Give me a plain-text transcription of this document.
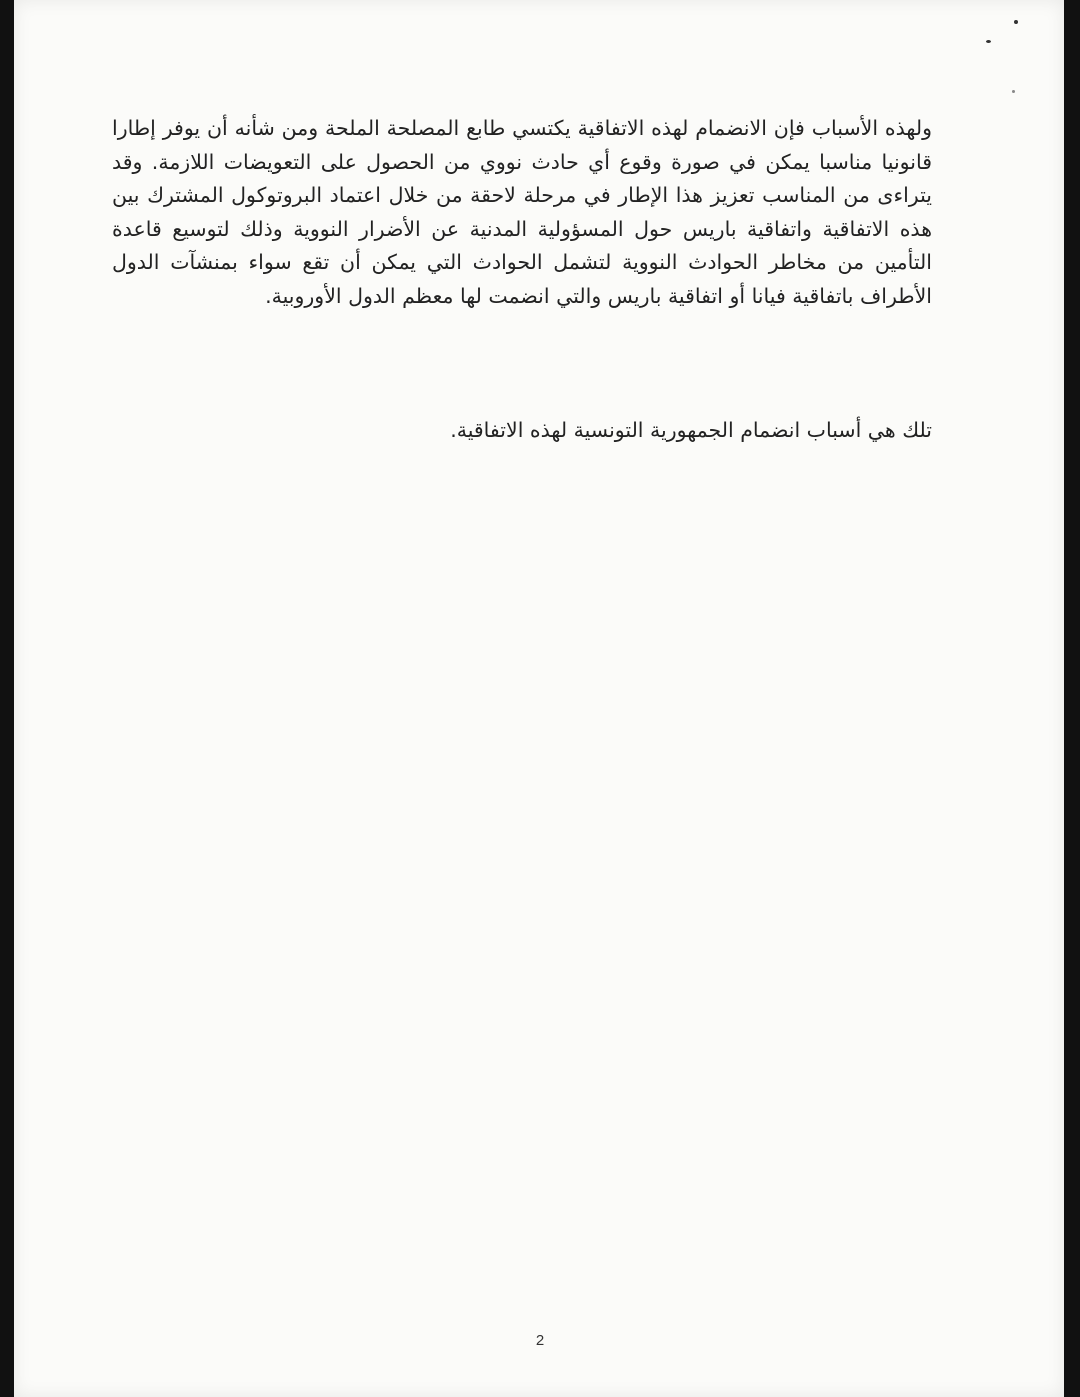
ولهذه الأسباب فإن الانضمام لهذه الاتفاقية يكتسي طابع المصلحة الملحة ومن شأنه أن يوفر إطارا قانونيا مناسبا يمكن في صورة وقوع أي حادث نووي من الحصول على التعويضات اللازمة. وقد يتراءى من المناسب تعزيز هذا الإطار في مرحلة لاحقة من خلال اعتماد البروتوكول المشترك بين هذه الاتفاقية واتفاقية باريس حول المسؤولية المدنية عن الأضرار النووية وذلك لتوسيع قاعدة التأمين من مخاطر الحوادث النووية لتشمل الحوادث التي يمكن أن تقع سواء بمنشآت الدول الأطراف باتفاقية فيانا أو اتفاقية باريس والتي انضمت لها معظم الدول الأوروبية.

تلك هي أسباب انضمام الجمهورية التونسية لهذه الاتفاقية.

2
